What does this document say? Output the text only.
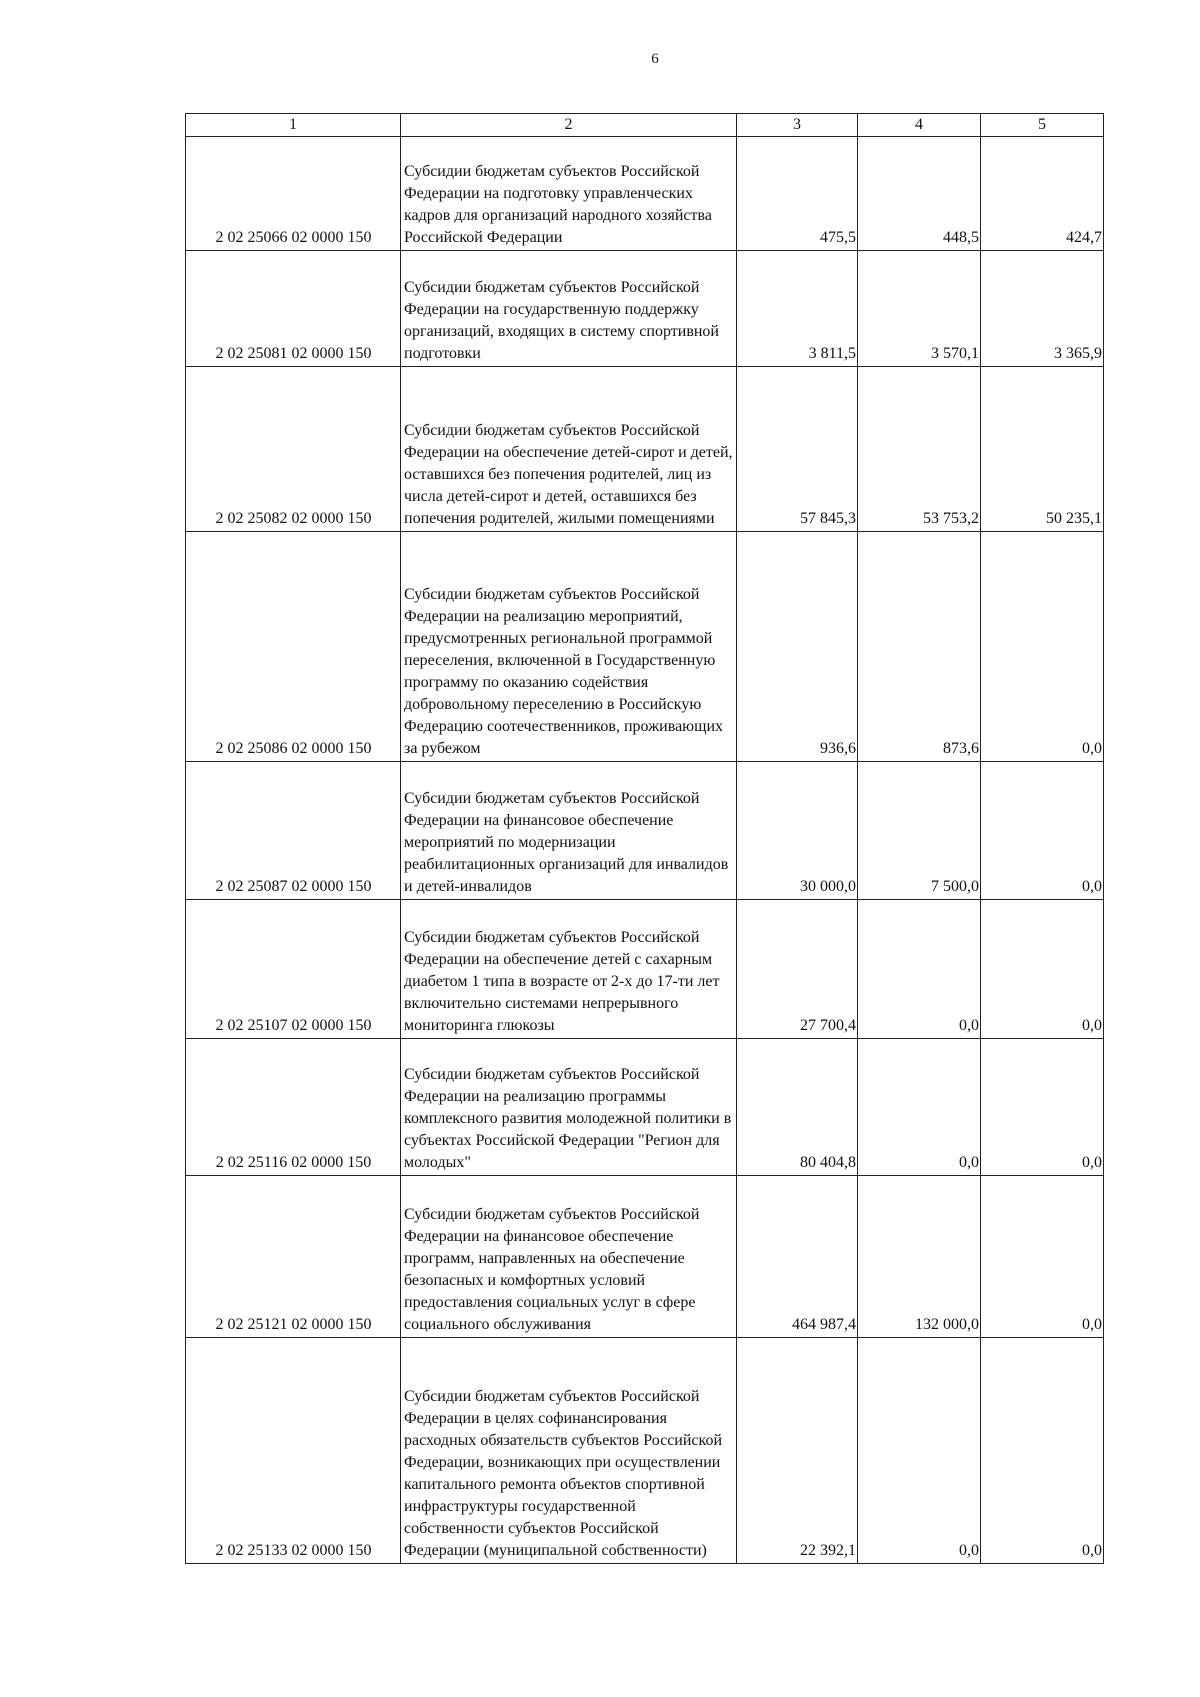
6
1	2	3	4	5
2 02 25066 02 0000 150	Субсидии бюджетам субъектов Российской Федерации на подготовку управленческих кадров для организаций народного хозяйства Российской Федерации	475,5	448,5	424,7
2 02 25081 02 0000 150	Субсидии бюджетам субъектов Российской Федерации на государственную поддержку организаций, входящих в систему спортивной подготовки	3 811,5	3 570,1	3 365,9
2 02 25082 02 0000 150	Субсидии бюджетам субъектов Российской Федерации на обеспечение детей-сирот и детей, оставшихся без попечения родителей, лиц из числа детей-сирот и детей, оставшихся без попечения родителей, жилыми помещениями	57 845,3	53 753,2	50 235,1
2 02 25086 02 0000 150	Субсидии бюджетам субъектов Российской Федерации на реализацию мероприятий, предусмотренных региональной программой переселения, включенной в Государственную программу по оказанию содействия добровольному переселению в Российскую Федерацию соотечественников, проживающих за рубежом	936,6	873,6	0,0
2 02 25087 02 0000 150	Субсидии бюджетам субъектов Российской Федерации на финансовое обеспечение мероприятий по модернизации реабилитационных организаций для инвалидов и детей-инвалидов	30 000,0	7 500,0	0,0
2 02 25107 02 0000 150	Субсидии бюджетам субъектов Российской Федерации на обеспечение детей с сахарным диабетом 1 типа в возрасте от 2-х до 17-ти лет включительно системами непрерывного мониторинга глюкозы	27 700,4	0,0	0,0
2 02 25116 02 0000 150	Субсидии бюджетам субъектов Российской Федерации на реализацию программы комплексного развития молодежной политики в субъектах Российской Федерации "Регион для молодых"	80 404,8	0,0	0,0
2 02 25121 02 0000 150	Субсидии бюджетам субъектов Российской Федерации на финансовое обеспечение программ, направленных на обеспечение безопасных и комфортных условий предоставления социальных услуг в сфере социального обслуживания	464 987,4	132 000,0	0,0
2 02 25133 02 0000 150	Субсидии бюджетам субъектов Российской Федерации в целях софинансирования расходных обязательств субъектов Российской Федерации, возникающих при осуществлении капитального ремонта объектов спортивной инфраструктуры государственной собственности субъектов Российской Федерации (муниципальной собственности)	22 392,1	0,0	0,0
